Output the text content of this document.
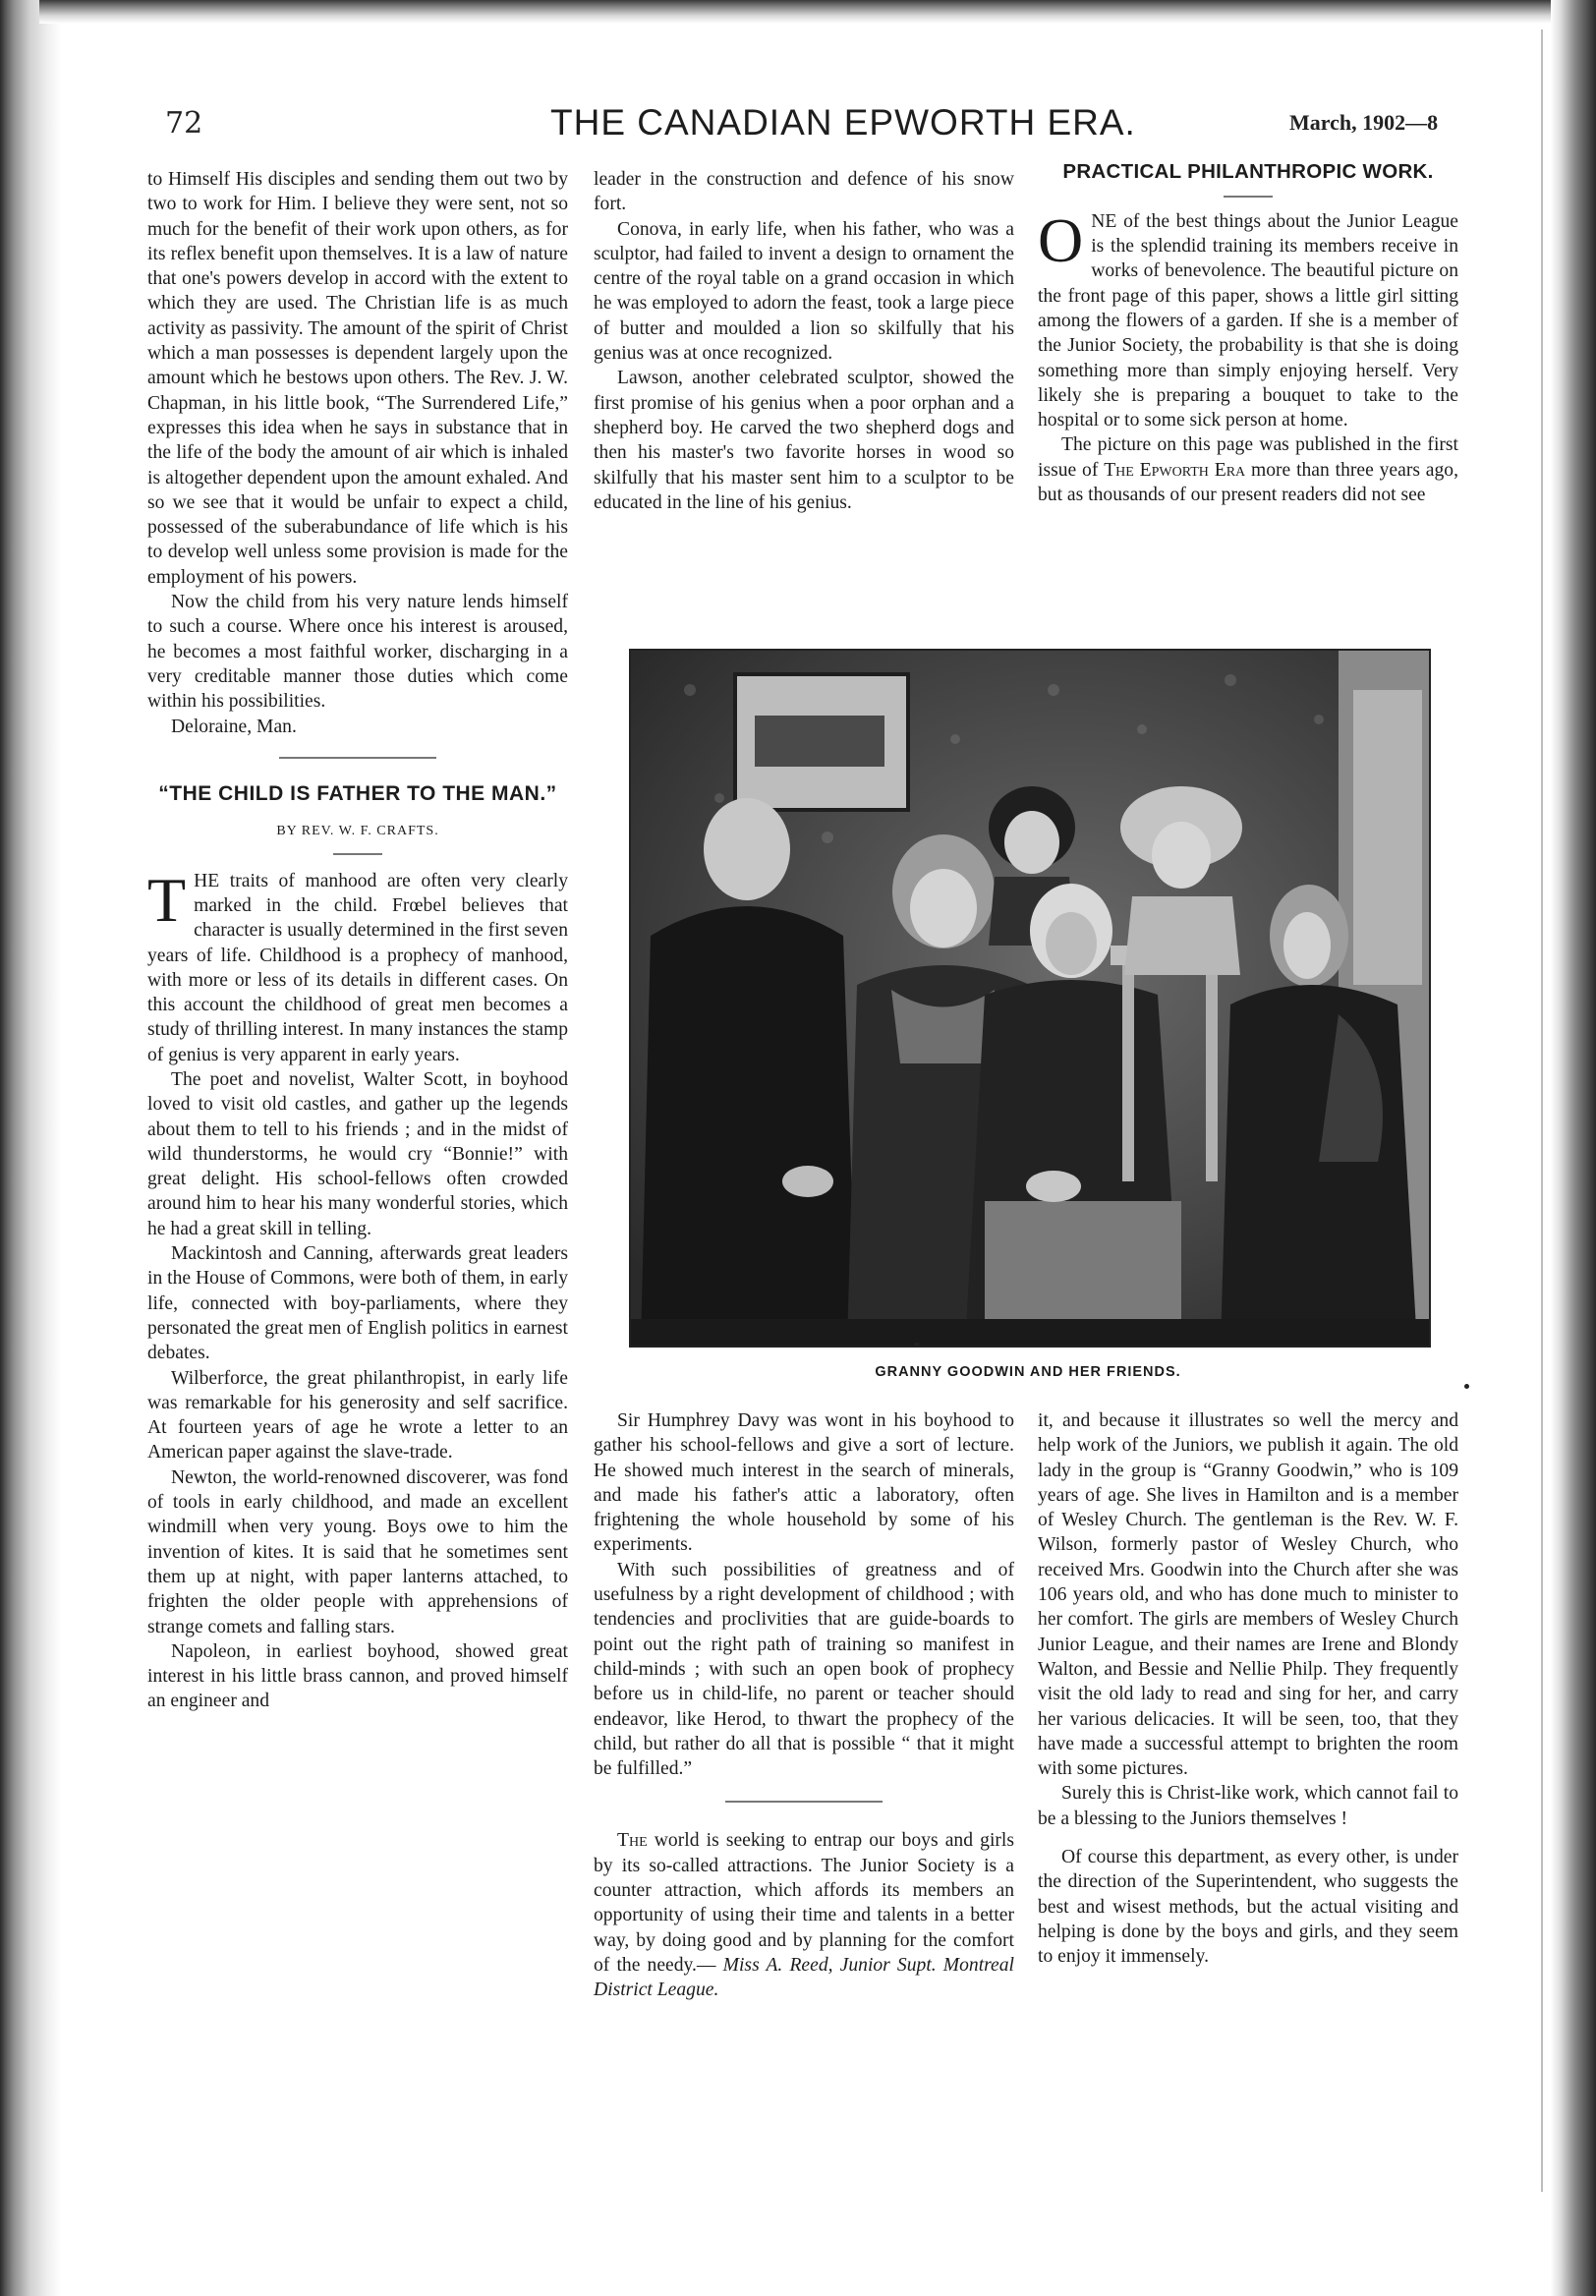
72	THE CANADIAN EPWORTH ERA.	March, 1902—8

to Himself His disciples and sending them out two by two to work for Him. I believe they were sent, not so much for the benefit of their work upon others, as for its reflex benefit upon themselves. It is a law of nature that one's powers develop in accord with the extent to which they are used. The Christian life is as much activity as passivity. The amount of the spirit of Christ which a man possesses is dependent largely upon the amount which he bestows upon others. The Rev. J. W. Chapman, in his little book, “The Surrendered Life,” expresses this idea when he says in substance that in the life of the body the amount of air which is inhaled is altogether dependent upon the amount exhaled. And so we see that it would be unfair to expect a child, possessed of the suberabundance of life which is his to develop well unless some provision is made for the employment of his powers.

Now the child from his very nature lends himself to such a course. Where once his interest is aroused, he becomes a most faithful worker, discharging in a very creditable manner those duties which come within his possibilities.

Deloraine, Man.

“THE CHILD IS FATHER TO THE MAN.”
BY REV. W. F. CRAFTS.
T HE traits of manhood are often very clearly marked in the child. Frœbel believes that character is usually determined in the first seven years of life. Childhood is a prophecy of manhood, with more or less of its details in different cases. On this account the childhood of great men becomes a study of thrilling interest. In many instances the stamp of genius is very apparent in early years.

The poet and novelist, Walter Scott, in boyhood loved to visit old castles, and gather up the legends about them to tell to his friends ; and in the midst of wild thunderstorms, he would cry “Bonnie!” with great delight. His school-fellows often crowded around him to hear his many wonderful stories, which he had a great skill in telling.

Mackintosh and Canning, afterwards great leaders in the House of Commons, were both of them, in early life, connected with boy-parliaments, where they personated the great men of English politics in earnest debates.

Wilberforce, the great philanthropist, in early life was remarkable for his generosity and self sacrifice. At fourteen years of age he wrote a letter to an American paper against the slave-trade.

Newton, the world-renowned discoverer, was fond of tools in early childhood, and made an excellent windmill when very young. Boys owe to him the invention of kites. It is said that he sometimes sent them up at night, with paper lanterns attached, to frighten the older people with apprehensions of strange comets and falling stars.

Napoleon, in earliest boyhood, showed great interest in his little brass cannon, and proved himself an engineer and

leader in the construction and defence of his snow fort.

Conova, in early life, when his father, who was a sculptor, had failed to invent a design to ornament the centre of the royal table on a grand occasion in which he was employed to adorn the feast, took a large piece of butter and moulded a lion so skilfully that his genius was at once recognized.

Lawson, another celebrated sculptor, showed the first promise of his genius when a poor orphan and a shepherd boy. He carved the two shepherd dogs and then his master's two favorite horses in wood so skilfully that his master sent him to a sculptor to be educated in the line of his genius.

PRACTICAL PHILANTHROPIC WORK.
O NE of the best things about the Junior League is the splendid training its members receive in works of benevolence. The beautiful picture on the front page of this paper, shows a little girl sitting among the flowers of a garden. If she is a member of the Junior Society, the probability is that she is doing something more than simply enjoying herself. Very likely she is preparing a bouquet to take to the hospital or to some sick person at home.

The picture on this page was published in the first issue of The Epworth Era more than three years ago, but as thousands of our present readers did not see

GRANNY GOODWIN AND HER FRIENDS.

Sir Humphrey Davy was wont in his boyhood to gather his school-fellows and give a sort of lecture. He showed much interest in the search of minerals, and made his father's attic a laboratory, often frightening the whole household by some of his experiments.

With such possibilities of greatness and of usefulness by a right development of childhood ; with tendencies and proclivities that are guide-boards to point out the right path of training so manifest in child-minds ; with such an open book of prophecy before us in child-life, no parent or teacher should endeavor, like Herod, to thwart the prophecy of the child, but rather do all that is possible “ that it might be fulfilled.”

The world is seeking to entrap our boys and girls by its so-called attractions. The Junior Society is a counter attraction, which affords its members an opportunity of using their time and talents in a better way, by doing good and by planning for the comfort of the needy.— Miss A. Reed, Junior Supt. Montreal District League.

it, and because it illustrates so well the mercy and help work of the Juniors, we publish it again. The old lady in the group is “Granny Goodwin,” who is 109 years of age. She lives in Hamilton and is a member of Wesley Church. The gentleman is the Rev. W. F. Wilson, formerly pastor of Wesley Church, who received Mrs. Goodwin into the Church after she was 106 years old, and who has done much to minister to her comfort. The girls are members of Wesley Church Junior League, and their names are Irene and Blondy Walton, and Bessie and Nellie Philp. They frequently visit the old lady to read and sing for her, and carry her various delicacies. It will be seen, too, that they have made a successful attempt to brighten the room with some pictures.

Surely this is Christ-like work, which cannot fail to be a blessing to the Juniors themselves !

Of course this department, as every other, is under the direction of the Superintendent, who suggests the best and wisest methods, but the actual visiting and helping is done by the boys and girls, and they seem to enjoy it immensely.
